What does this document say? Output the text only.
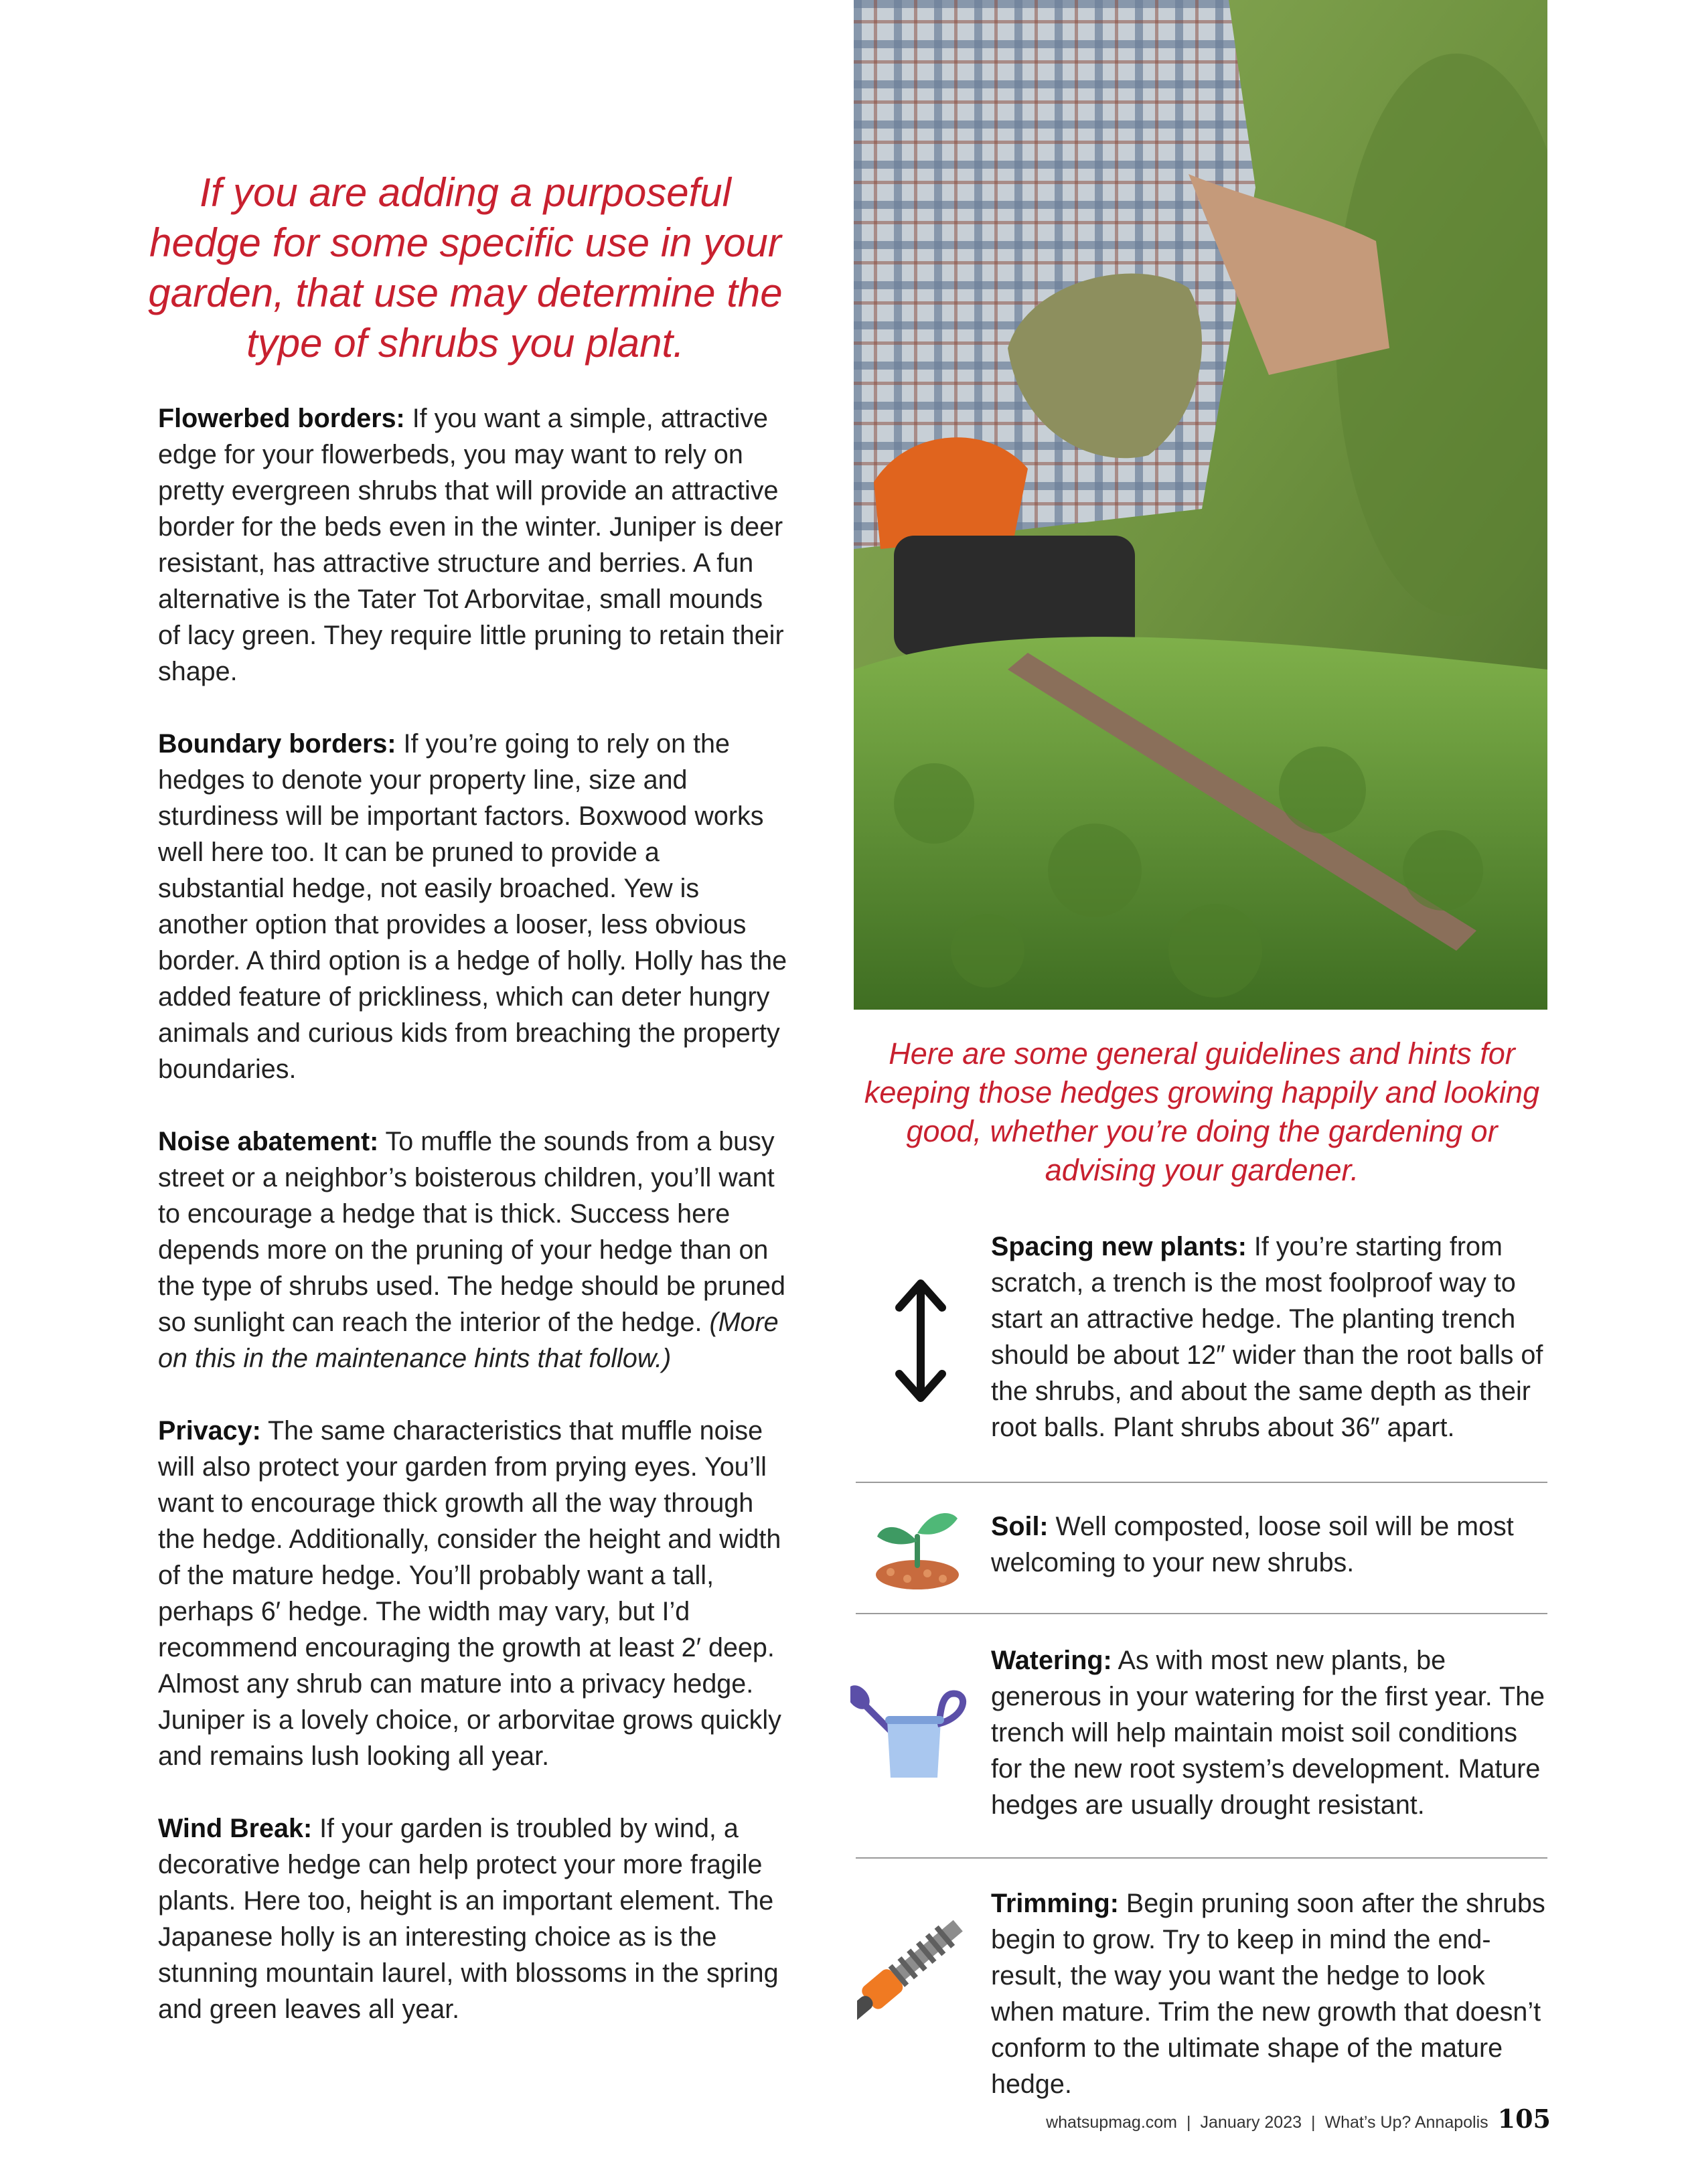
If you are adding a purposeful hedge for some specific use in your garden, that use may determine the type of shrubs you plant.

Flowerbed borders: If you want a simple, attractive edge for your flowerbeds, you may want to rely on pretty evergreen shrubs that will provide an attractive border for the beds even in the winter. Juniper is deer resistant, has attractive structure and berries. A fun alternative is the Tater Tot Arborvitae, small mounds of lacy green. They require little pruning to retain their shape.

Boundary borders: If you’re going to rely on the hedges to denote your property line, size and sturdiness will be important factors. Boxwood works well here too. It can be pruned to provide a substantial hedge, not easily broached. Yew is another option that provides a looser, less obvious border. A third option is a hedge of holly. Holly has the added feature of prickliness, which can deter hungry animals and curious kids from breaching the property boundaries.

Noise abatement: To muffle the sounds from a busy street or a neighbor’s boisterous children, you’ll want to encourage a hedge that is thick. Success here depends more on the pruning of your hedge than on the type of shrubs used. The hedge should be pruned so sunlight can reach the interior of the hedge. (More on this in the maintenance hints that follow.)

Privacy: The same characteristics that muffle noise will also protect your garden from prying eyes. You’ll want to encourage thick growth all the way through the hedge. Additionally, consider the height and width of the mature hedge. You’ll probably want a tall, perhaps 6′ hedge. The width may vary, but I’d recommend encouraging the growth at least 2′ deep. Almost any shrub can mature into a privacy hedge. Juniper is a lovely choice, or arborvitae grows quickly and remains lush looking all year.

Wind Break: If your garden is troubled by wind, a decorative hedge can help protect your more fragile plants. Here too, height is an important element. The Japanese holly is an interesting choice as is the stunning mountain laurel, with blossoms in the spring and green leaves all year.

Here are some general guidelines and hints for keeping those hedges growing happily and looking good, whether you’re doing the gardening or advising your gardener.

Spacing new plants: If you’re starting from scratch, a trench is the most foolproof way to start an attractive hedge. The planting trench should be about 12″ wider than the root balls of the shrubs, and about the same depth as their root balls. Plant shrubs about 36″ apart.

Soil: Well composted, loose soil will be most welcoming to your new shrubs.

Watering: As with most new plants, be generous in your watering for the first year. The trench will help maintain moist soil conditions for the new root system’s development. Mature hedges are usually drought resistant.

Trimming: Begin pruning soon after the shrubs begin to grow. Try to keep in mind the end-result, the way you want the hedge to look when mature. Trim the new growth that doesn’t conform to the ultimate shape of the mature hedge.

whatsupmag.com | January 2023 | What’s Up? Annapolis 105
